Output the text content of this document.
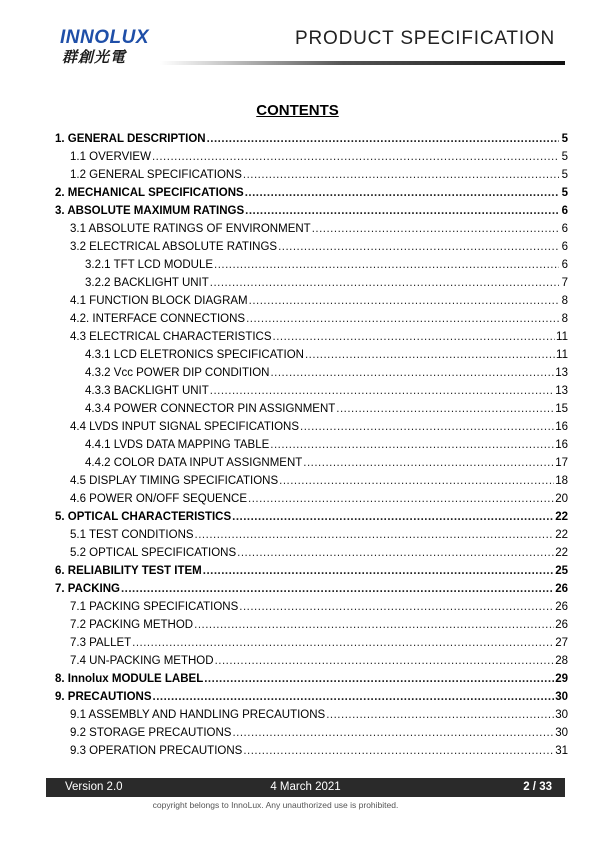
INNOLUX
群創光電
PRODUCT SPECIFICATION
CONTENTS
1. GENERAL DESCRIPTION .....	5
1.1 OVERVIEW .....	5
1.2 GENERAL SPECIFICATIONS .....	5
2. MECHANICAL SPECIFICATIONS .....	5
3. ABSOLUTE MAXIMUM RATINGS .....	6
3.1 ABSOLUTE RATINGS OF ENVIRONMENT .....	6
3.2 ELECTRICAL ABSOLUTE RATINGS .....	6
3.2.1 TFT LCD MODULE .....	6
3.2.2 BACKLIGHT UNIT .....	7
4.1 FUNCTION BLOCK DIAGRAM .....	8
4.2. INTERFACE CONNECTIONS .....	8
4.3 ELECTRICAL CHARACTERISTICS .....	11
4.3.1 LCD ELETRONICS SPECIFICATION .....	11
4.3.2 Vcc POWER DIP CONDITION .....	13
4.3.3 BACKLIGHT UNIT .....	13
4.3.4 POWER CONNECTOR PIN ASSIGNMENT .....	15
4.4 LVDS INPUT SIGNAL SPECIFICATIONS .....	16
4.4.1 LVDS DATA MAPPING TABLE .....	16
4.4.2 COLOR DATA INPUT ASSIGNMENT .....	17
4.5 DISPLAY TIMING SPECIFICATIONS .....	18
4.6 POWER ON/OFF SEQUENCE .....	20
5. OPTICAL CHARACTERISTICS .....	22
5.1 TEST CONDITIONS .....	22
5.2 OPTICAL SPECIFICATIONS .....	22
6. RELIABILITY TEST ITEM .....	25
7. PACKING .....	26
7.1 PACKING SPECIFICATIONS .....	26
7.2 PACKING METHOD .....	26
7.3 PALLET .....	27
7.4 UN-PACKING METHOD .....	28
8. Innolux MODULE LABEL .....	29
9. PRECAUTIONS .....	30
9.1 ASSEMBLY AND HANDLING PRECAUTIONS .....	30
9.2 STORAGE PRECAUTIONS .....	30
9.3 OPERATION PRECAUTIONS .....	31
Version 2.0	4 March 2021	2 / 33
copyright belongs to InnoLux. Any unauthorized use is prohibited.
